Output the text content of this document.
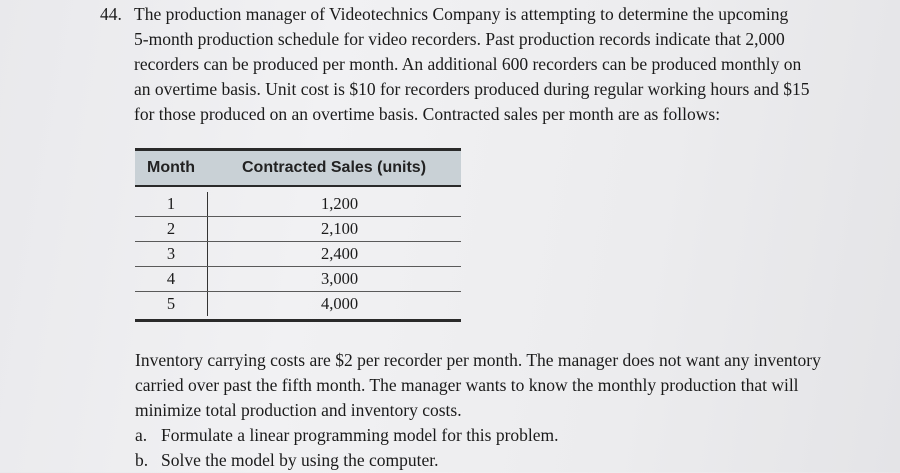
44. The production manager of Videotechnics Company is attempting to determine the upcoming
5-month production schedule for video recorders. Past production records indicate that 2,000
recorders can be produced per month. An additional 600 recorders can be produced monthly on
an overtime basis. Unit cost is $10 for recorders produced during regular working hours and $15
for those produced on an overtime basis. Contracted sales per month are as follows:
Month	Contracted Sales (units)
1	1,200
2	2,100
3	2,400
4	3,000
5	4,000
Inventory carrying costs are $2 per recorder per month. The manager does not want any inventory
carried over past the fifth month. The manager wants to know the monthly production that will
minimize total production and inventory costs.
a. Formulate a linear programming model for this problem.
b. Solve the model by using the computer.
